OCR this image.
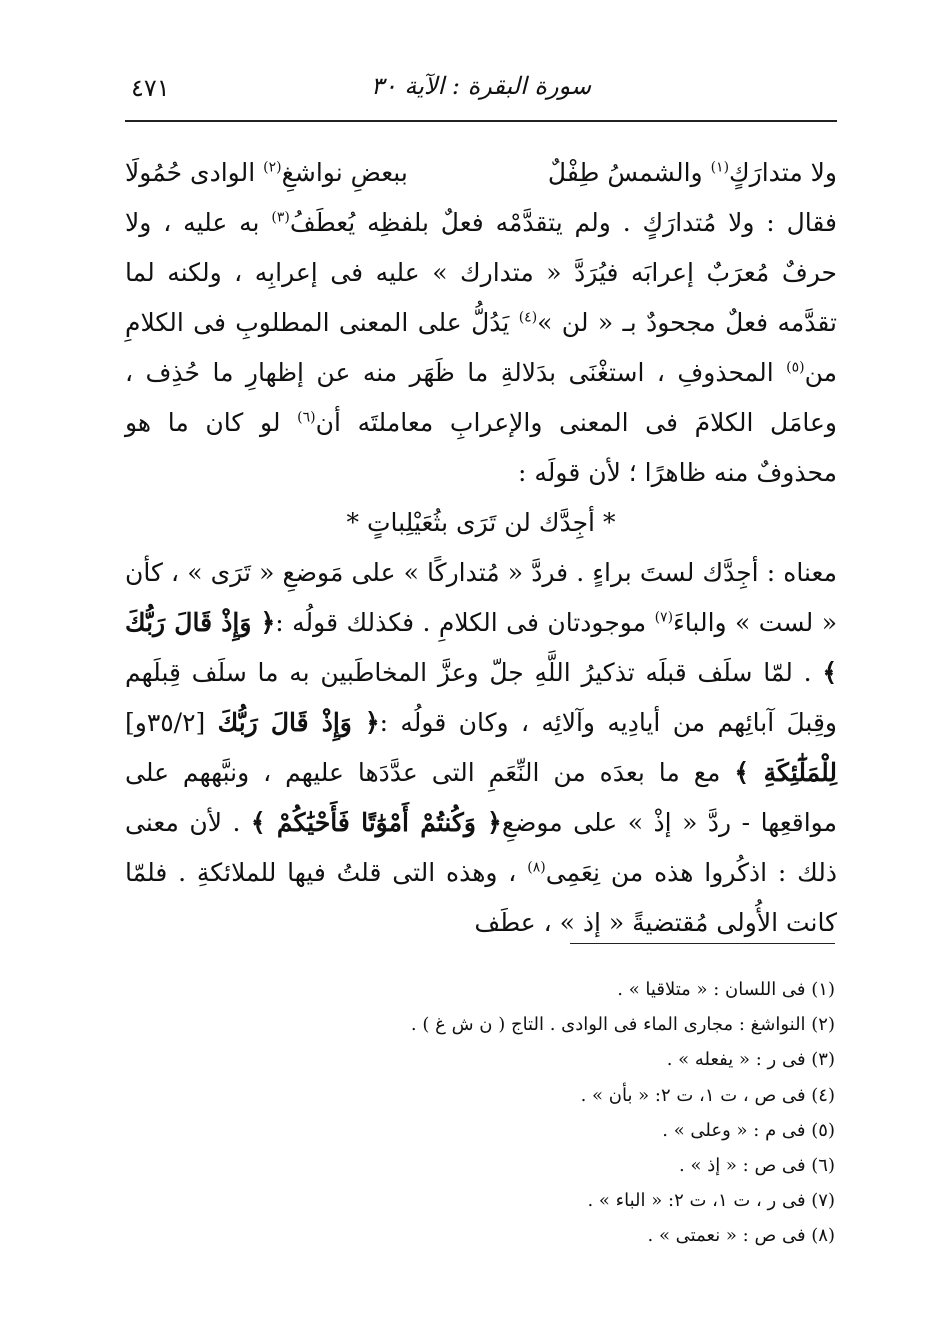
٤٧١	سورة البقرة : الآية ٣٠

ولا متدارَكٍ$^{(١)}$ والشمسُ طِفْلٌ  ببعضِ نواشغِ$^{(٢)}$ الوادى حُمُولَا

فقال : ولا مُتدارَكٍ . ولم يتقدَّمْه فعلٌ بلفظِه يُعطَفُ$^{(٣)}$ به عليه ، ولا حرفٌ مُعرَبٌ إعرابَه فيُرَدَّ « متدارك » عليه فى إعرابِه ، ولكنه لما تقدَّمه فعلٌ مجحودٌ بـ « لن »$^{(٤)}$ يَدُلُّ على المعنى المطلوبِ فى الكلامِ من$^{(٥)}$ المحذوفِ ، استغْنَى بدَلالةِ ما ظَهَر منه عن إظهارِ ما حُذِف ، وعامَل الكلامَ فى المعنى والإعرابِ معاملتَه أن$^{(٦)}$ لو كان ما هو محذوفٌ منه ظاهرًا ؛ لأن قولَه :

* أجِدَّك لن تَرَى بثُعَيْلِباتٍ *

معناه : أجِدَّك لستَ براءٍ . فردَّ « مُتداركًا » على مَوضعِ « تَرَى » ، كأن « لست » والباءَ$^{(٧)}$ موجودتان فى الكلامِ . فكذلك قولُه :﴿ وَإِذْ قَالَ رَبُّكَ ﴾ . لمّا سلَف قبلَه تذكيرُ اللَّهِ جلّ وعزَّ المخاطَبين به ما سلَف قِبلَهم وقِبلَ آبائِهم من أيادِيه وآلائِه ، وكان قولُه :﴿ وَإِذْ قَالَ رَبُّكَ [٣٥/٢و] لِلْمَلَٰٓئِكَةِ ﴾ مع ما بعدَه من النِّعَمِ التى عدَّدَها عليهم ، ونبَّههم على مواقعِها - ردَّ « إذْ » على موضعِ﴿ وَكُنتُمْ أَمْوَٰتًا فَأَحْيَٰكُمْ ﴾ . لأن معنى ذلك : اذكُروا هذه من نِعَمِى$^{(٨)}$ ، وهذه التى قلتُ فيها للملائكةِ . فلمّا كانت الأُولى مُقتضيةً « إذ » ، عطَف

(١) فى اللسان : « متلاقيا » .
(٢) النواشغ : مجارى الماء فى الوادى . التاج ( ن ش غ ) .
(٣) فى ر : « يفعله » .
(٤) فى ص ، ت ١، ت ٢: « بأن » .
(٥) فى م : « وعلى » .
(٦) فى ص : « إذ » .
(٧) فى ر ، ت ١، ت ٢: « الباء » .
(٨) فى ص : « نعمتى » .
